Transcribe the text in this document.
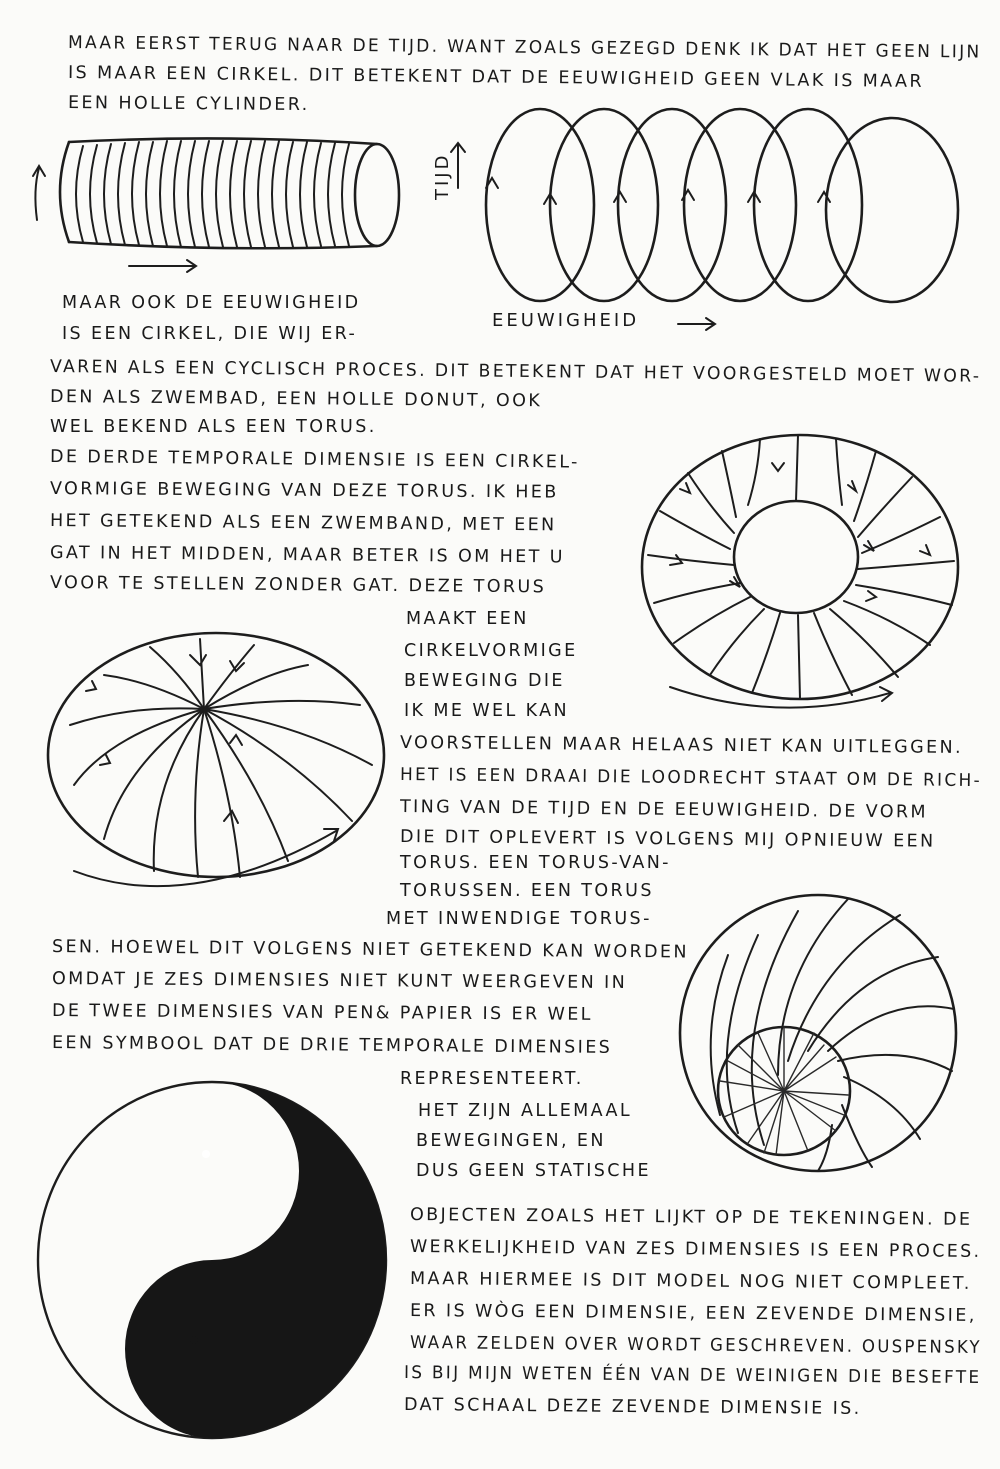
MAAR EERST TERUG NAAR DE TIJD. WANT ZOALS GEZEGD DENK IK DAT HET GEEN LIJN
IS MAAR EEN CIRKEL. DIT BETEKENT DAT DE EEUWIGHEID GEEN VLAK IS MAAR
EEN HOLLE CYLINDER.
MAAR OOK DE EEUWIGHEID
IS EEN CIRKEL, DIE WIJ ER-
VAREN ALS EEN CYCLISCH PROCES. DIT BETEKENT DAT HET VOORGESTELD MOET WOR-
DEN ALS ZWEMBAD, EEN HOLLE DONUT, OOK
WEL BEKEND ALS EEN TORUS.
DE DERDE TEMPORALE DIMENSIE IS EEN CIRKEL-
VORMIGE BEWEGING VAN DEZE TORUS. IK HEB
HET GETEKEND ALS EEN ZWEMBAND, MET EEN
GAT IN HET MIDDEN, MAAR BETER IS OM HET U
VOOR TE STELLEN ZONDER GAT. DEZE TORUS
MAAKT EEN
CIRKELVORMIGE
BEWEGING DIE
IK ME WEL KAN
VOORSTELLEN MAAR HELAAS NIET KAN UITLEGGEN.
HET IS EEN DRAAI DIE LOODRECHT STAAT OM DE RICH-
TING VAN DE TIJD EN DE EEUWIGHEID. DE VORM
DIE DIT OPLEVERT IS VOLGENS MIJ OPNIEUW EEN
TORUS. EEN TORUS-VAN-
TORUSSEN. EEN TORUS
MET INWENDIGE TORUS-
SEN. HOEWEL DIT VOLGENS NIET GETEKEND KAN WORDEN
OMDAT JE ZES DIMENSIES NIET KUNT WEERGEVEN IN
DE TWEE DIMENSIES VAN PEN& PAPIER IS ER WEL
EEN SYMBOOL DAT DE DRIE TEMPORALE DIMENSIES
REPRESENTEERT.
HET ZIJN ALLEMAAL
BEWEGINGEN, EN
DUS GEEN STATISCHE
OBJECTEN ZOALS HET LIJKT OP DE TEKENINGEN. DE
WERKELIJKHEID VAN ZES DIMENSIES IS EEN PROCES.
MAAR HIERMEE IS DIT MODEL NOG NIET COMPLEET.
ER IS WÒG EEN DIMENSIE, EEN ZEVENDE DIMENSIE,
WAAR ZELDEN OVER WORDT GESCHREVEN. OUSPENSKY
IS BIJ MIJN WETEN ÉÉN VAN DE WEINIGEN DIE BESEFTE
DAT SCHAAL DEZE ZEVENDE DIMENSIE IS.
TIJD
EEUWIGHEID
